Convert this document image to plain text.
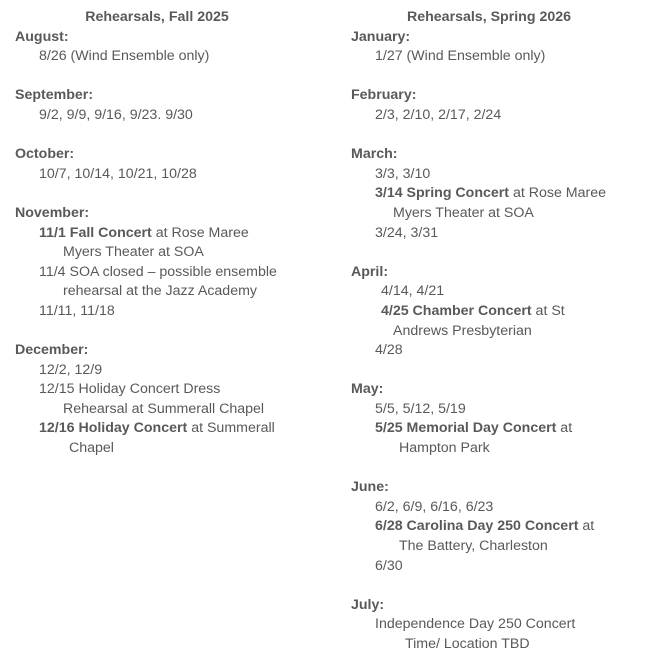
Rehearsals, Fall 2025
August:
8/26 (Wind Ensemble only)
September:
9/2, 9/9, 9/16, 9/23. 9/30
October:
10/7, 10/14, 10/21, 10/28
November:
11/1 Fall Concert at Rose Maree
Myers Theater at SOA
11/4 SOA closed – possible ensemble
rehearsal at the Jazz Academy
11/11, 11/18
December:
12/2, 12/9
12/15 Holiday Concert Dress
Rehearsal at Summerall Chapel
12/16 Holiday Concert at Summerall
Chapel
Rehearsals, Spring 2026
January:
1/27 (Wind Ensemble only)
February:
2/3, 2/10, 2/17, 2/24
March:
3/3, 3/10
3/14 Spring Concert at Rose Maree
Myers Theater at SOA
3/24, 3/31
April:
4/14, 4/21
4/25 Chamber Concert at St
Andrews Presbyterian
4/28
May:
5/5, 5/12, 5/19
5/25 Memorial Day Concert at
Hampton Park
June:
6/2, 6/9, 6/16, 6/23
6/28 Carolina Day 250 Concert at
The Battery, Charleston
6/30
July:
Independence Day 250 Concert
Time/ Location TBD
